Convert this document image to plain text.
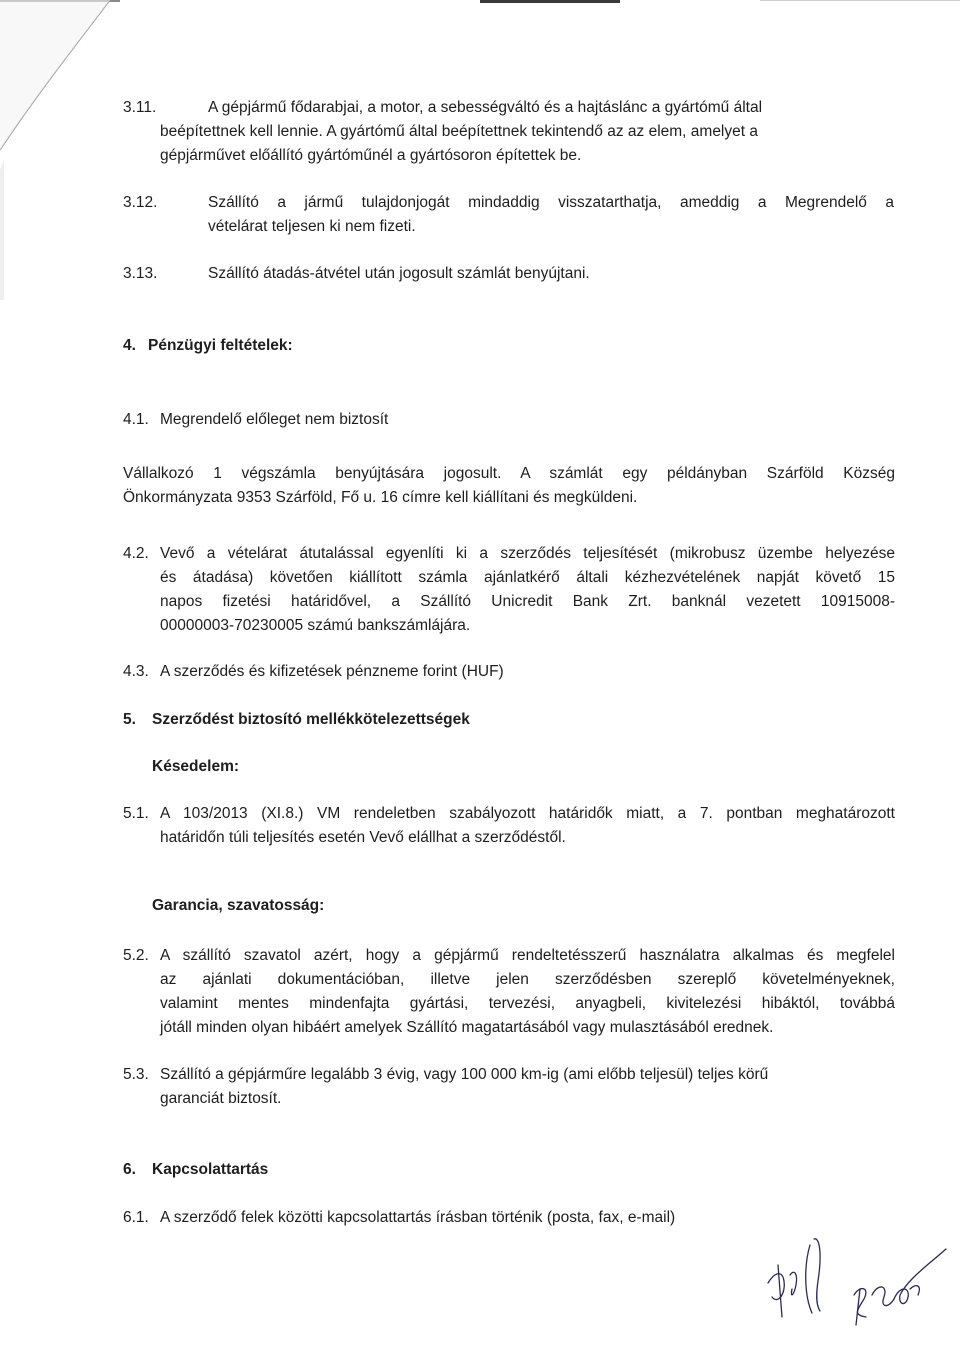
3.11.	A gépjármű fődarabjai, a motor, a sebességváltó és a hajtáslánc a gyártómű által
beépítettnek kell lennie. A gyártómű által beépítettnek tekintendő az az elem, amelyet a
gépjárművet előállító gyártóműnél a gyártósoron építettek be.
3.12.	Szállító a jármű tulajdonjogát mindaddig visszatarthatja, ameddig a Megrendelő a
vételárat teljesen ki nem fizeti.
3.13.	Szállító átadás-átvétel után jogosult számlát benyújtani.
4. Pénzügyi feltételek:
4.1. Megrendelő előleget nem biztosít
Vállalkozó 1 végszámla benyújtására jogosult. A számlát egy példányban Szárföld Község
Önkormányzata 9353 Szárföld, Fő u. 16 címre kell kiállítani és megküldeni.
4.2. Vevő a vételárat átutalással egyenlíti ki a szerződés teljesítését (mikrobusz üzembe helyezése
és átadása) követően kiállított számla ajánlatkérő általi kézhezvételének napját követő 15
napos fizetési határidővel, a Szállító Unicredit Bank Zrt. banknál vezetett 10915008-
00000003-70230005 számú bankszámlájára.
4.3. A szerződés és kifizetések pénzneme forint (HUF)
5. Szerződést biztosító mellékkötelezettségek
Késedelem:
5.1. A 103/2013 (XI.8.) VM rendeletben szabályozott határidők miatt, a 7. pontban meghatározott
határidőn túli teljesítés esetén Vevő elállhat a szerződéstől.
Garancia, szavatosság:
5.2. A szállító szavatol azért, hogy a gépjármű rendeltetésszerű használatra alkalmas és megfelel
az ajánlati dokumentációban, illetve jelen szerződésben szereplő követelményeknek,
valamint mentes mindenfajta gyártási, tervezési, anyagbeli, kivitelezési hibáktól, továbbá
jótáll minden olyan hibáért amelyek Szállító magatartásából vagy mulasztásából erednek.
5.3. Szállító a gépjárműre legalább 3 évig, vagy 100 000 km-ig (ami előbb teljesül) teljes körű
garanciát biztosít.
6. Kapcsolattartás
6.1. A szerződő felek közötti kapcsolattartás írásban történik (posta, fax, e-mail)
